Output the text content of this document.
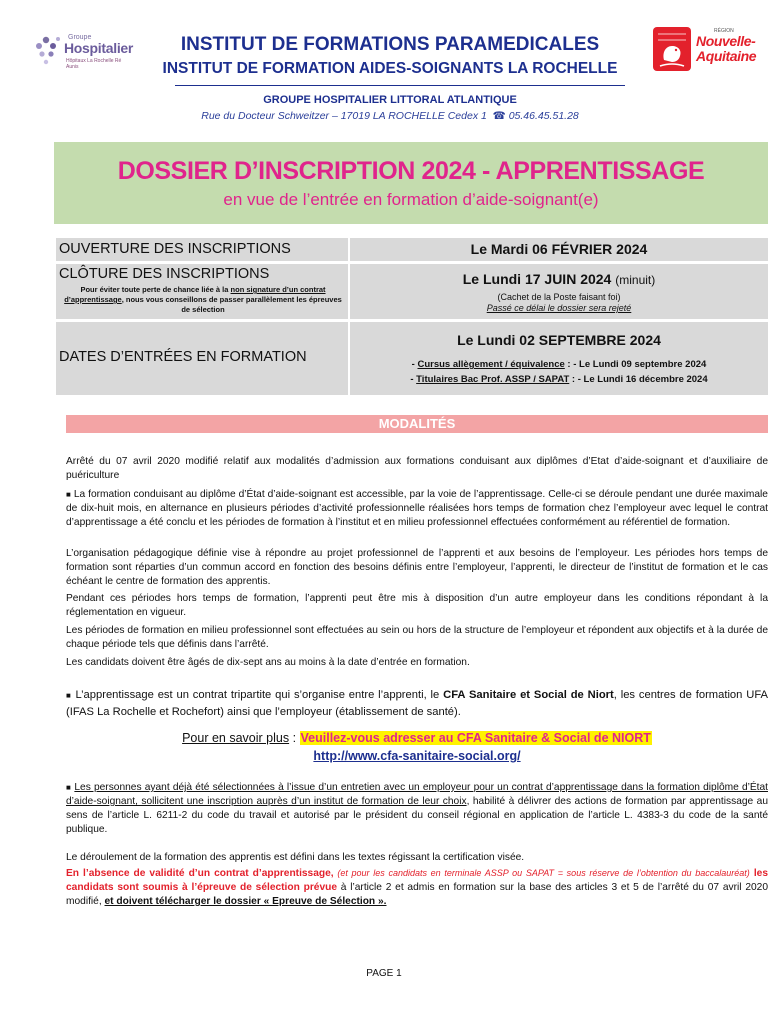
Groupe
Hospitalier
Hôpitaux La Rochelle Ré Aunis
RÉGION
Nouvelle-Aquitaine
INSTITUT DE FORMATIONS PARAMEDICALES
INSTITUT DE FORMATION AIDES-SOIGNANTS LA ROCHELLE
GROUPE HOSPITALIER LITTORAL ATLANTIQUE
Rue du Docteur Schweitzer – 17019 LA ROCHELLE Cedex 1  ☎ 05.46.45.51.28
DOSSIER D’INSCRIPTION 2024 - APPRENTISSAGE
en vue de l’entrée en formation d’aide-soignant(e)
OUVERTURE DES INSCRIPTIONS	Le Mardi 06 FÉVRIER 2024
CLÔTURE DES INSCRIPTIONS
Pour éviter toute perte de chance liée à la non signature d’un contrat d’apprentissage, nous vous conseillons de passer parallèlement les épreuves de sélection
Le Lundi 17 JUIN 2024 (minuit)
(Cachet de la Poste faisant foi)
Passé ce délai le dossier sera rejeté
DATES D’ENTRÉES EN FORMATION
Le Lundi 02 SEPTEMBRE 2024
- Cursus allègement / équivalence : - Le Lundi 09 septembre 2024
- Titulaires Bac Prof. ASSP / SAPAT : - Le Lundi 16 décembre 2024
MODALITÉS

Arrêté du 07 avril 2020 modifié relatif aux modalités d’admission aux formations conduisant aux diplômes d’Etat d’aide-soignant et d’auxiliaire de puériculture

■ La formation conduisant au diplôme d’État d’aide-soignant est accessible, par la voie de l’apprentissage. Celle-ci se déroule pendant une durée maximale de dix-huit mois, en alternance en plusieurs périodes d’activité professionnelle réalisées hors temps de formation chez l’employeur avec lequel le contrat d’apprentissage a été conclu et les périodes de formation à l’institut et en milieu professionnel effectuées conformément au référentiel de formation.

L’organisation pédagogique définie vise à répondre au projet professionnel de l’apprenti et aux besoins de l’employeur. Les périodes hors temps de formation sont réparties d’un commun accord en fonction des besoins définis entre l’employeur, l’apprenti, le directeur de l’institut de formation et le cas échéant le centre de formation des apprentis.

Pendant ces périodes hors temps de formation, l’apprenti peut être mis à disposition d’un autre employeur dans les conditions répondant à la réglementation en vigueur.

Les périodes de formation en milieu professionnel sont effectuées au sein ou hors de la structure de l’employeur et répondent aux objectifs et à la durée de chaque période tels que définis dans l’arrêté.

Les candidats doivent être âgés de dix-sept ans au moins à la date d’entrée en formation.

■ L’apprentissage est un contrat tripartite qui s’organise entre l’apprenti, le CFA Sanitaire et Social de Niort, les centres de formation UFA (IFAS La Rochelle et Rochefort) ainsi que l’employeur (établissement de santé).

Pour en savoir plus : Veuillez-vous adresser au CFA Sanitaire & Social de NIORT
http://www.cfa-sanitaire-social.org/

■ Les personnes ayant déjà été sélectionnées à l’issue d’un entretien avec un employeur pour un contrat d’apprentissage dans la formation diplôme d’État d’aide-soignant, sollicitent une inscription auprès d’un institut de formation de leur choix, habilité à délivrer des actions de formation par apprentissage au sens de l’article L. 6211-2 du code du travail et autorisé par le président du conseil régional en application de l’article L. 4383-3 du code de la santé publique.

Le déroulement de la formation des apprentis est défini dans les textes régissant la certification visée.

En l’absence de validité d’un contrat d’apprentissage, (et pour les candidats en terminale ASSP ou SAPAT = sous réserve de l’obtention du baccalauréat) les candidats sont soumis à l’épreuve de sélection prévue à l’article 2 et admis en formation sur la base des articles 3 et 5 de l’arrêté du 07 avril 2020 modifié, et doivent télécharger le dossier « Epreuve de Sélection ».

PAGE 1
